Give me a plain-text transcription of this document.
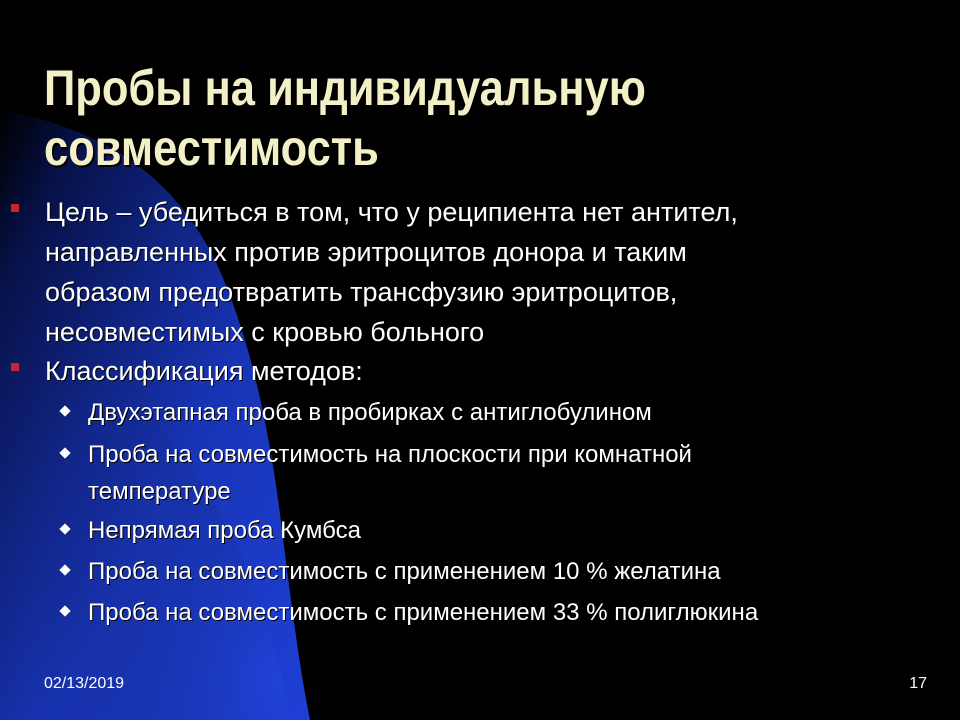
Пробы на индивидуальную
совместимость
Цель – убедиться в том, что у реципиента нет антител,
направленных против эритроцитов донора и таким
образом предотвратить трансфузию эритроцитов,
несовместимых с кровью больного
Классификация методов:
Двухэтапная проба в пробирках с антиглобулином
Проба на совместимость на плоскости при комнатной
температуре
Непрямая проба Кумбса
Проба на совместимость с применением 10 % желатина
Проба на совместимость с применением 33 % полиглюкина
02/13/2019	17
